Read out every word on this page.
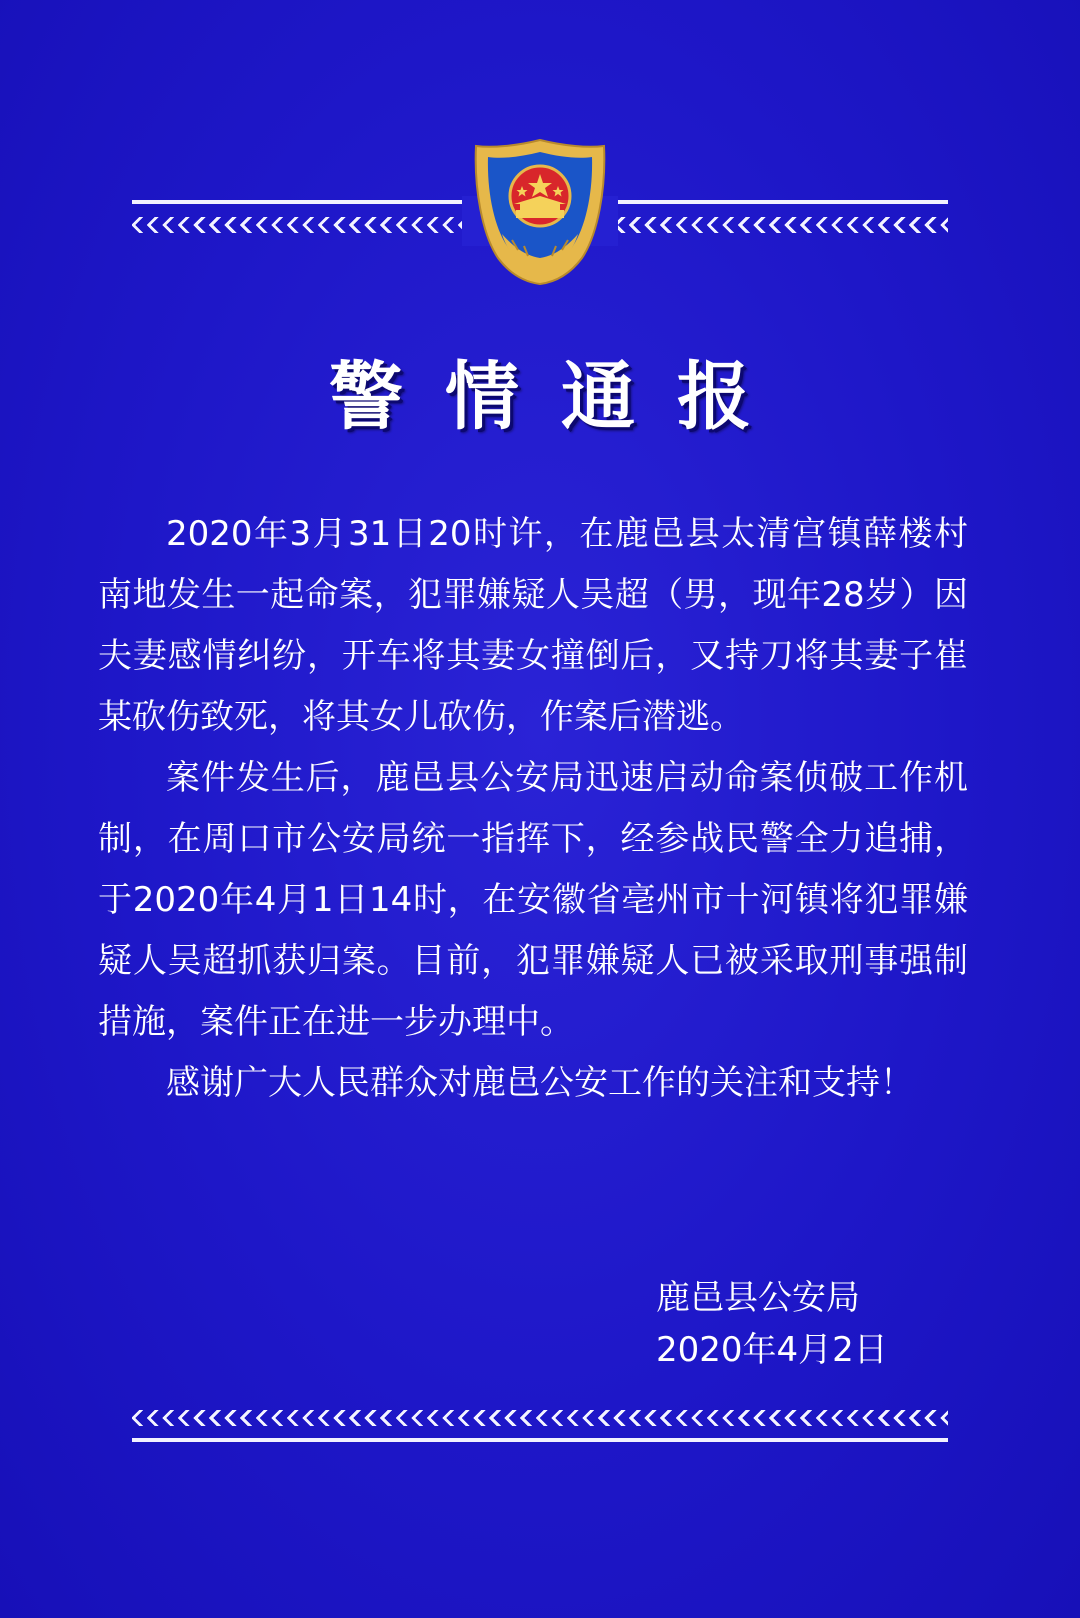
警情通报

2020年3月31日20时许，在鹿邑县太清宫镇薛楼村南地发生一起命案，犯罪嫌疑人吴超（男，现年28岁）因夫妻感情纠纷，开车将其妻女撞倒后，又持刀将其妻子崔某砍伤致死，将其女儿砍伤，作案后潜逃。

案件发生后，鹿邑县公安局迅速启动命案侦破工作机制，在周口市公安局统一指挥下，经参战民警全力追捕，于2020年4月1日14时，在安徽省亳州市十河镇将犯罪嫌疑人吴超抓获归案。目前，犯罪嫌疑人已被采取刑事强制措施，案件正在进一步办理中。

感谢广大人民群众对鹿邑公安工作的关注和支持！

鹿邑县公安局
2020年4月2日
